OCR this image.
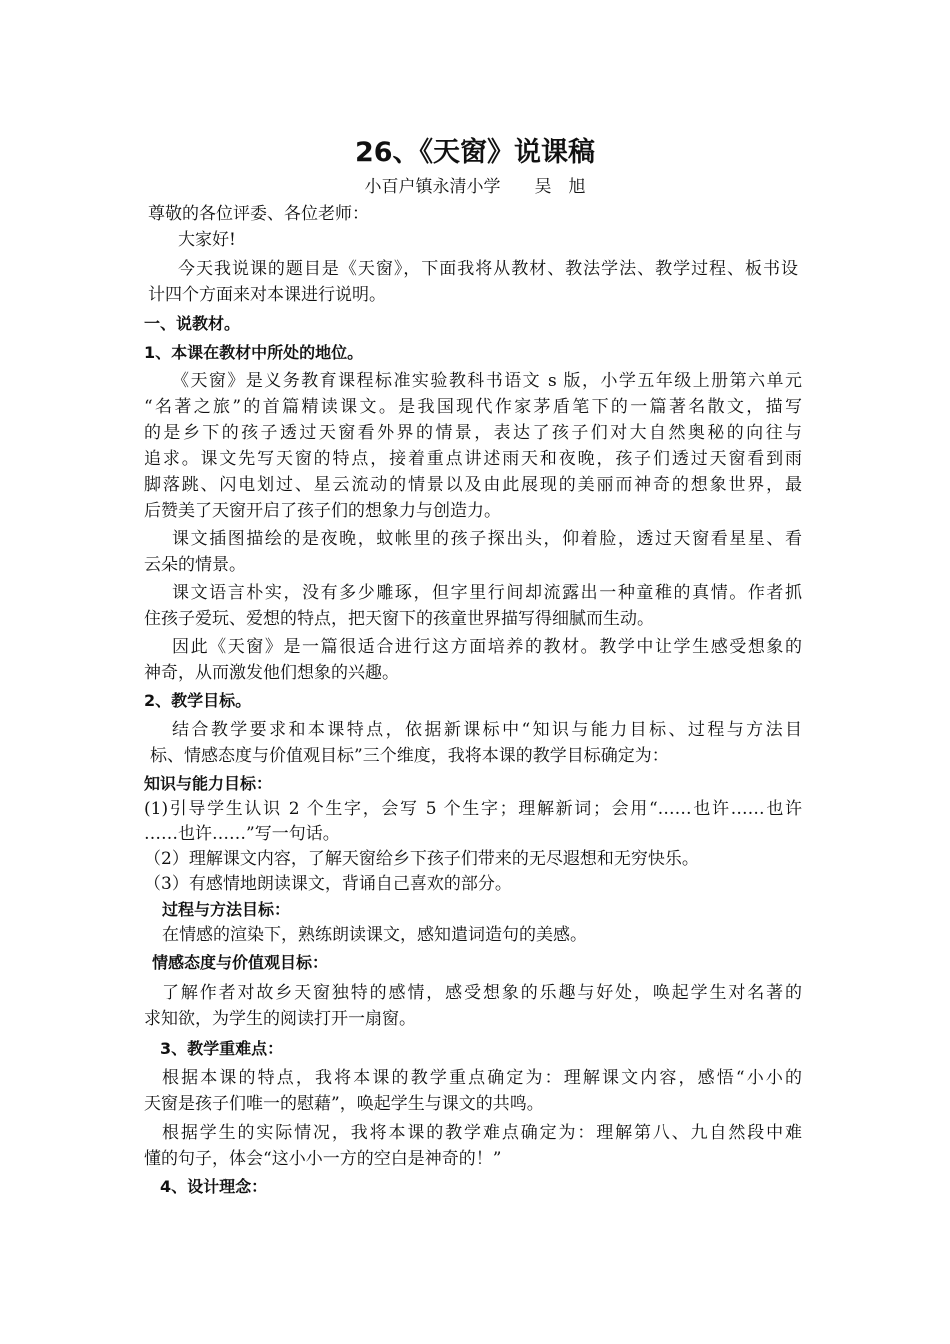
26、《天窗》说课稿
小百户镇永清小学　　吴　旭
尊敬的各位评委、各位老师：
大家好!
今天我说课的题目是《天窗》，下面我将从教材、教法学法、教学过程、板书设
计四个方面来对本课进行说明。
一、说教材。
1、本课在教材中所处的地位。
《天窗》是义务教育课程标准实验教科书语文 s 版，小学五年级上册第六单元
“名著之旅”的首篇精读课文。是我国现代作家茅盾笔下的一篇著名散文，描写
的是乡下的孩子透过天窗看外界的情景，表达了孩子们对大自然奥秘的向往与
追求。课文先写天窗的特点，接着重点讲述雨天和夜晚，孩子们透过天窗看到雨
脚落跳、闪电划过、星云流动的情景以及由此展现的美丽而神奇的想象世界，最
后赞美了天窗开启了孩子们的想象力与创造力。
课文插图描绘的是夜晚，蚊帐里的孩子探出头，仰着脸，透过天窗看星星、看
云朵的情景。
课文语言朴实，没有多少雕琢，但字里行间却流露出一种童稚的真情。作者抓
住孩子爱玩、爱想的特点，把天窗下的孩童世界描写得细腻而生动。
因此《天窗》是一篇很适合进行这方面培养的教材。教学中让学生感受想象的
神奇，从而激发他们想象的兴趣。
2、教学目标。
结合教学要求和本课特点，依据新课标中“知识与能力目标、过程与方法目
标、情感态度与价值观目标”三个维度，我将本课的教学目标确定为：
知识与能力目标：
(1)引导学生认识 2 个生字，会写 5 个生字；理解新词；会用“……也许……也许
……也许……”写一句话。
（2）理解课文内容，了解天窗给乡下孩子们带来的无尽遐想和无穷快乐。
（3）有感情地朗读课文，背诵自己喜欢的部分。
过程与方法目标：
在情感的渲染下，熟练朗读课文，感知遣词造句的美感。
情感态度与价值观目标：
了解作者对故乡天窗独特的感情，感受想象的乐趣与好处，唤起学生对名著的
求知欲，为学生的阅读打开一扇窗。
3、教学重难点：
根据本课的特点，我将本课的教学重点确定为：理解课文内容，感悟“小小的
天窗是孩子们唯一的慰藉”，唤起学生与课文的共鸣。
根据学生的实际情况，我将本课的教学难点确定为：理解第八、九自然段中难
懂的句子，体会“这小小一方的空白是神奇的！”
4、设计理念：
